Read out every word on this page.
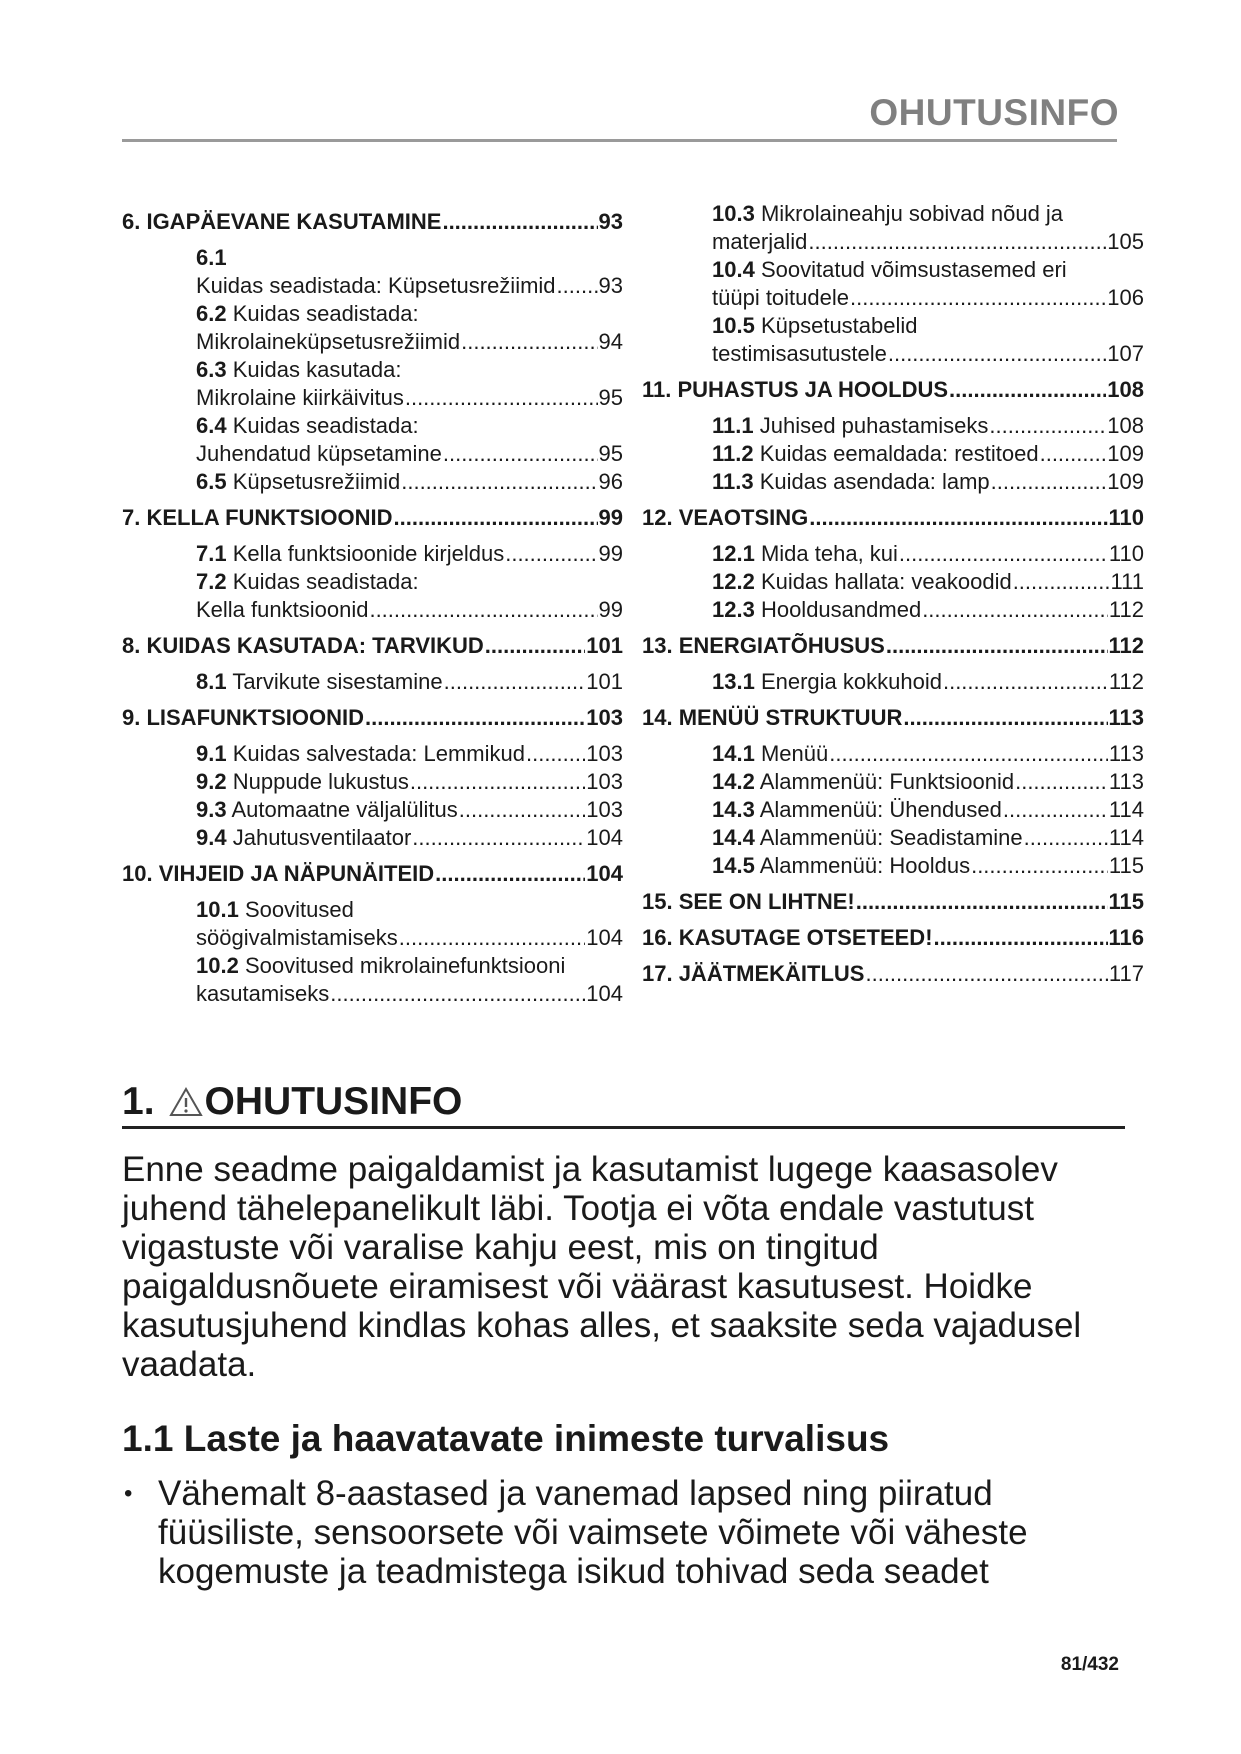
OHUTUSINFO
6. IGAPÄEVANE KASUTAMINE .....	93
6.1
Kuidas seadistada: Küpsetusrežiimid ..... 93
6.2 Kuidas seadistada:
Mikrolaineküpsetusrežiimid .....	94
6.3 Kuidas kasutada:
Mikrolaine kiirkäivitus .....	95
6.4 Kuidas seadistada:
Juhendatud küpsetamine .....	95
6.5 Küpsetusrežiimid .....	96
7. KELLA FUNKTSIOONID .....	99
7.1 Kella funktsioonide kirjeldus .....	99
7.2 Kuidas seadistada:
Kella funktsioonid .....	99
8. KUIDAS KASUTADA: TARVIKUD .....	101
8.1 Tarvikute sisestamine .....	101
9. LISAFUNKTSIOONID .....	103
9.1 Kuidas salvestada: Lemmikud .....	103
9.2 Nuppude lukustus .....	103
9.3 Automaatne väljalülitus .....	103
9.4 Jahutusventilaator .....	104
10. VIHJEID JA NÄPUNÄITEID .....	104
10.1 Soovitused
söögivalmistamiseks .....	104
10.2 Soovitused mikrolainefunktsiooni
kasutamiseks .....	104
10.3 Mikrolaineahju sobivad nõud ja
materjalid .....	105
10.4 Soovitatud võimsustasemed eri
tüüpi toitudele .....	106
10.5 Küpsetustabelid
testimisasutustele .....	107
11. PUHASTUS JA HOOLDUS .....	108
11.1 Juhised puhastamiseks .....	108
11.2 Kuidas eemaldada: restitoed .....	109
11.3 Kuidas asendada: lamp .....	109
12. VEAOTSING .....	110
12.1 Mida teha, kui .....	110
12.2 Kuidas hallata: veakoodid .....	111
12.3 Hooldusandmed .....	112
13. ENERGIATÕHUSUS .....	112
13.1 Energia kokkuhoid .....	112
14. MENÜÜ STRUKTUUR .....	113
14.1 Menüü .....	113
14.2 Alammenüü: Funktsioonid .....	113
14.3 Alammenüü: Ühendused .....	114
14.4 Alammenüü: Seadistamine .....	114
14.5 Alammenüü: Hooldus .....	115
15. SEE ON LIHTNE! .....	115
16. KASUTAGE OTSETEED! .....	116
17. JÄÄTMEKÄITLUS .....	117
1. OHUTUSINFO

Enne seadme paigaldamist ja kasutamist lugege kaasasolev juhend tähelepanelikult läbi. Tootja ei võta endale vastutust vigastuste või varalise kahju eest, mis on tingitud paigaldusnõuete eiramisest või väärast kasutusest. Hoidke kasutusjuhend kindlas kohas alles, et saaksite seda vajadusel vaadata.

1.1 Laste ja haavatavate inimeste turvalisus
• Vähemalt 8-aastased ja vanemad lapsed ning piiratud füüsiliste, sensoorsete või vaimsete võimete või väheste kogemuste ja teadmistega isikud tohivad seda seadet
81/432
